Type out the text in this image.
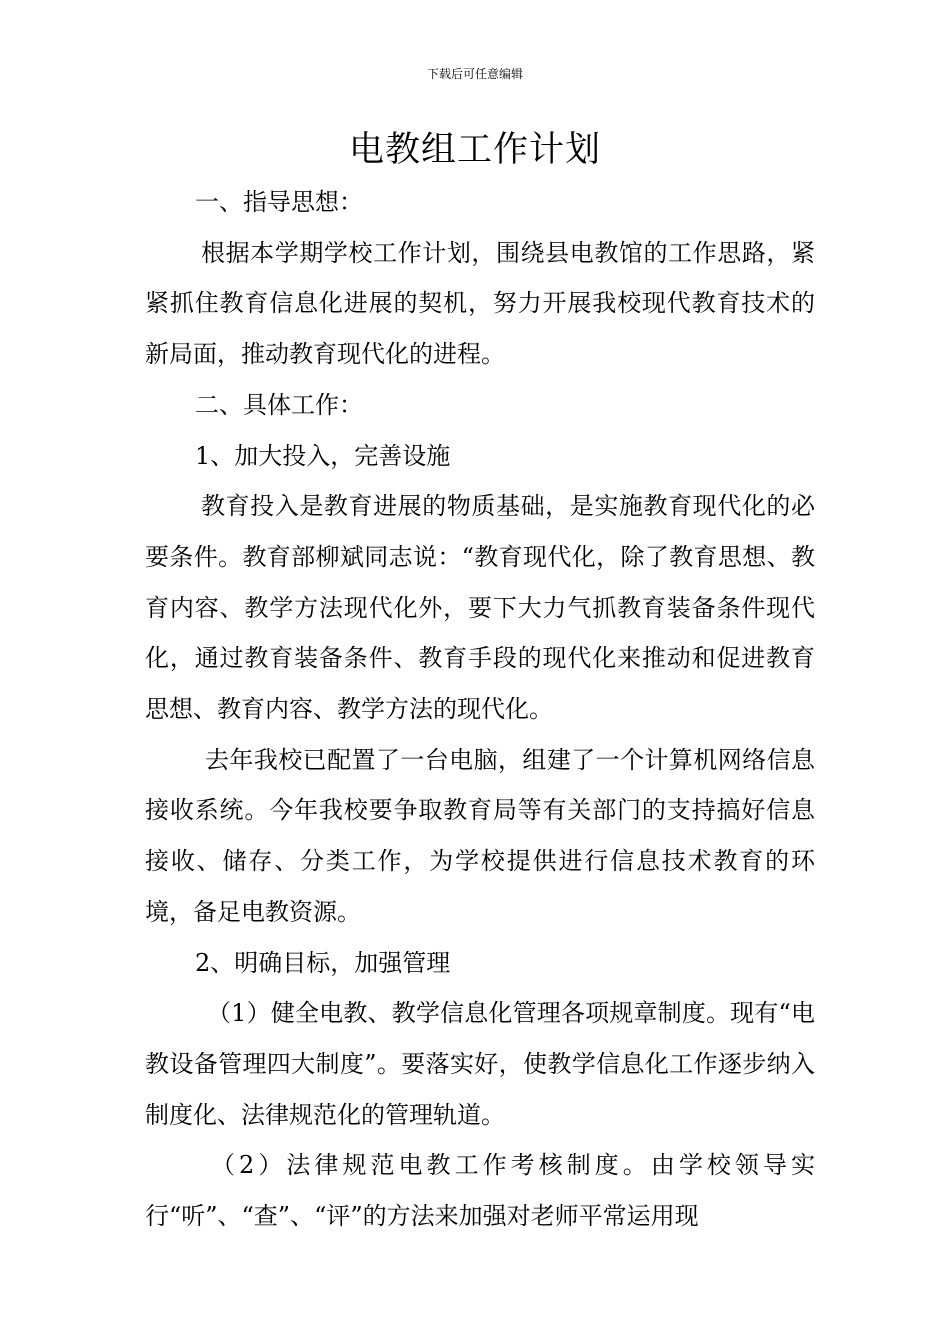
下载后可任意编辑
电教组工作计划

一、指导思想：

根据本学期学校工作计划，围绕县电教馆的工作思路，紧紧抓住教育信息化进展的契机，努力开展我校现代教育技术的新局面，推动教育现代化的进程。

二、具体工作：

1、加大投入，完善设施

教育投入是教育进展的物质基础，是实施教育现代化的必要条件。教育部柳斌同志说：“教育现代化，除了教育思想、教育内容、教学方法现代化外，要下大力气抓教育装备条件现代化，通过教育装备条件、教育手段的现代化来推动和促进教育思想、教育内容、教学方法的现代化。

去年我校已配置了一台电脑，组建了一个计算机网络信息接收系统。今年我校要争取教育局等有关部门的支持搞好信息接收、储存、分类工作，为学校提供进行信息技术教育的环境，备足电教资源。

2、明确目标，加强管理

（1）健全电教、教学信息化管理各项规章制度。现有“电教设备管理四大制度”。要落实好，使教学信息化工作逐步纳入制度化、法律规范化的管理轨道。

（2）法律规范电教工作考核制度。由学校领导实行“听”、“查”、“评”的方法来加强对老师平常运用现
